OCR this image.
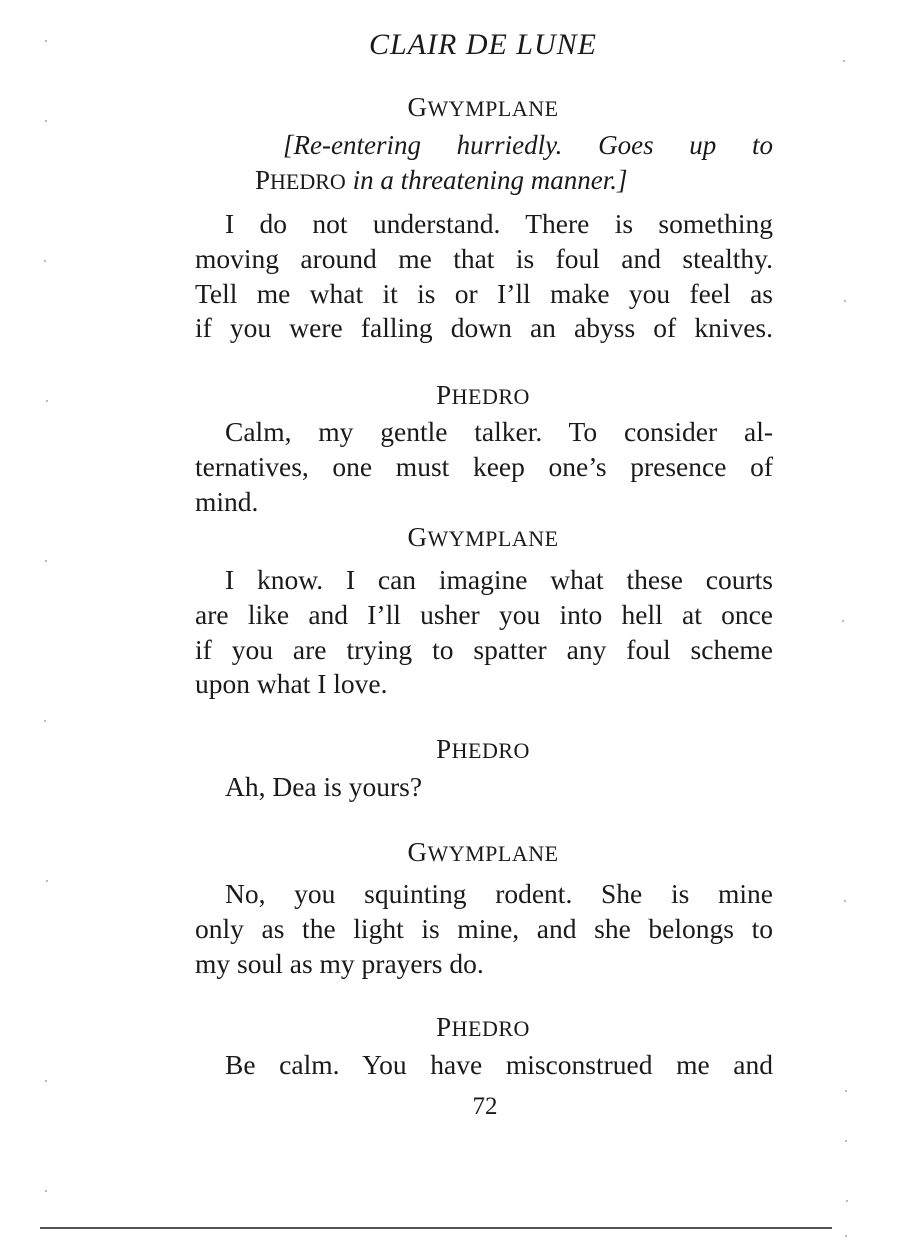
CLAIR DE LUNE
GWYMPLANE
[Re-entering hurriedly. Goes up to
PHEDRO in a threatening manner.]
I do not understand. There is something
moving around me that is foul and stealthy.
Tell me what it is or I’ll make you feel as
if you were falling down an abyss of knives.
PHEDRO
Calm, my gentle talker. To consider al-
ternatives, one must keep one’s presence of
mind.
GWYMPLANE
I know. I can imagine what these courts
are like and I’ll usher you into hell at once
if you are trying to spatter any foul scheme
upon what I love.
PHEDRO
Ah, Dea is yours?
GWYMPLANE
No, you squinting rodent. She is mine
only as the light is mine, and she belongs to
my soul as my prayers do.
PHEDRO
Be calm. You have misconstrued me and
72
